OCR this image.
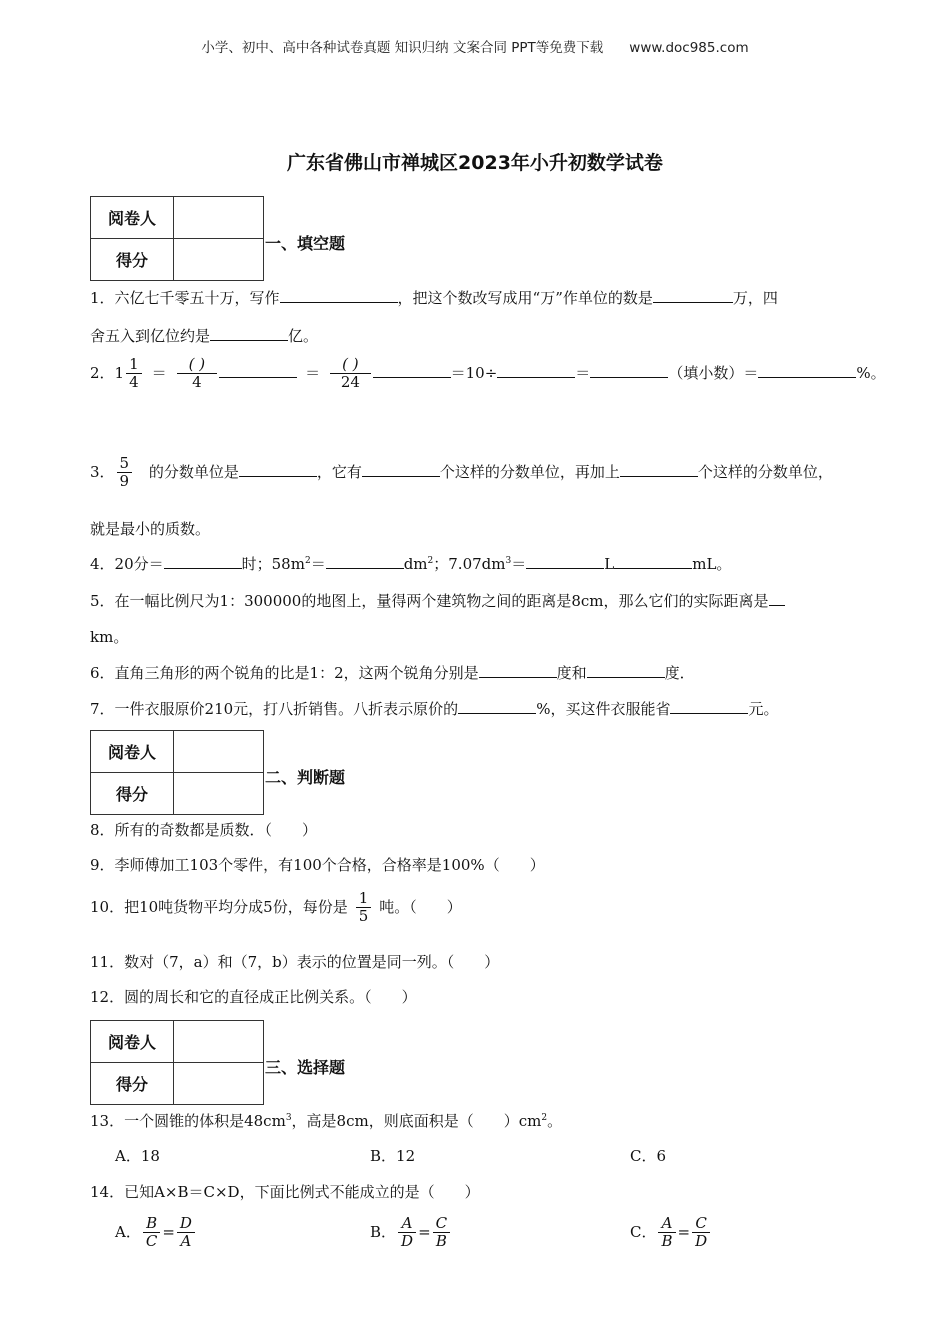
小学、初中、高中各种试卷真题 知识归纳 文案合同 PPT等免费下载 www.doc985.com
广东省佛山市禅城区2023年小升初数学试卷
阅卷人	
得分	
一、填空题
1．六亿七千零五十万，写作	，把这个数改写成用“万”作单位的数是	万，四
舍五入到亿位约是	亿。
2．$1 \frac{1}{4} = \frac{( )}{4}$	＝ $\frac{( )}{24}$	＝10÷	＝	（填小数）＝	%。
3． $\frac{5}{9}$ 的分数单位是	，它有	个这样的分数单位，再加上	个这样的分数单位，
就是最小的质数。
4．20分＝	时；$58m^2=$	$dm^2$；$7.07dm^3=$	L	mL。
5．在一幅比例尺为1：300000的地图上，量得两个建筑物之间的距离是8cm，那么它们的实际距离是
km。
6．直角三角形的两个锐角的比是1：2，这两个锐角分别是	度和	度．
7．一件衣服原价210元，打八折销售。八折表示原价的	%，买这件衣服能省	元。
阅卷人	
得分	
二、判断题
8．所有的奇数都是质数．（　　）
9．李师傅加工103个零件，有100个合格，合格率是100%（　　）
10．把10吨货物平均分成5份，每份是 $\frac{1}{5}$ 吨。（　　）
11．数对（7，a）和（7，b）表示的位置是同一列。（　　）
12．圆的周长和它的直径成正比例关系。（　　）
阅卷人	
得分	
三、选择题
13．一个圆锥的体积是$48cm^3$，高是8cm，则底面积是（　　）$cm^2$。
A．18	B．12	C．6
14．已知A×B＝C×D，下面比例式不能成立的是（　　）
A． $\frac{B}{C} = \frac{D}{A}$	B． $\frac{A}{D} = \frac{C}{B}$	C． $\frac{A}{B} = \frac{C}{D}$
